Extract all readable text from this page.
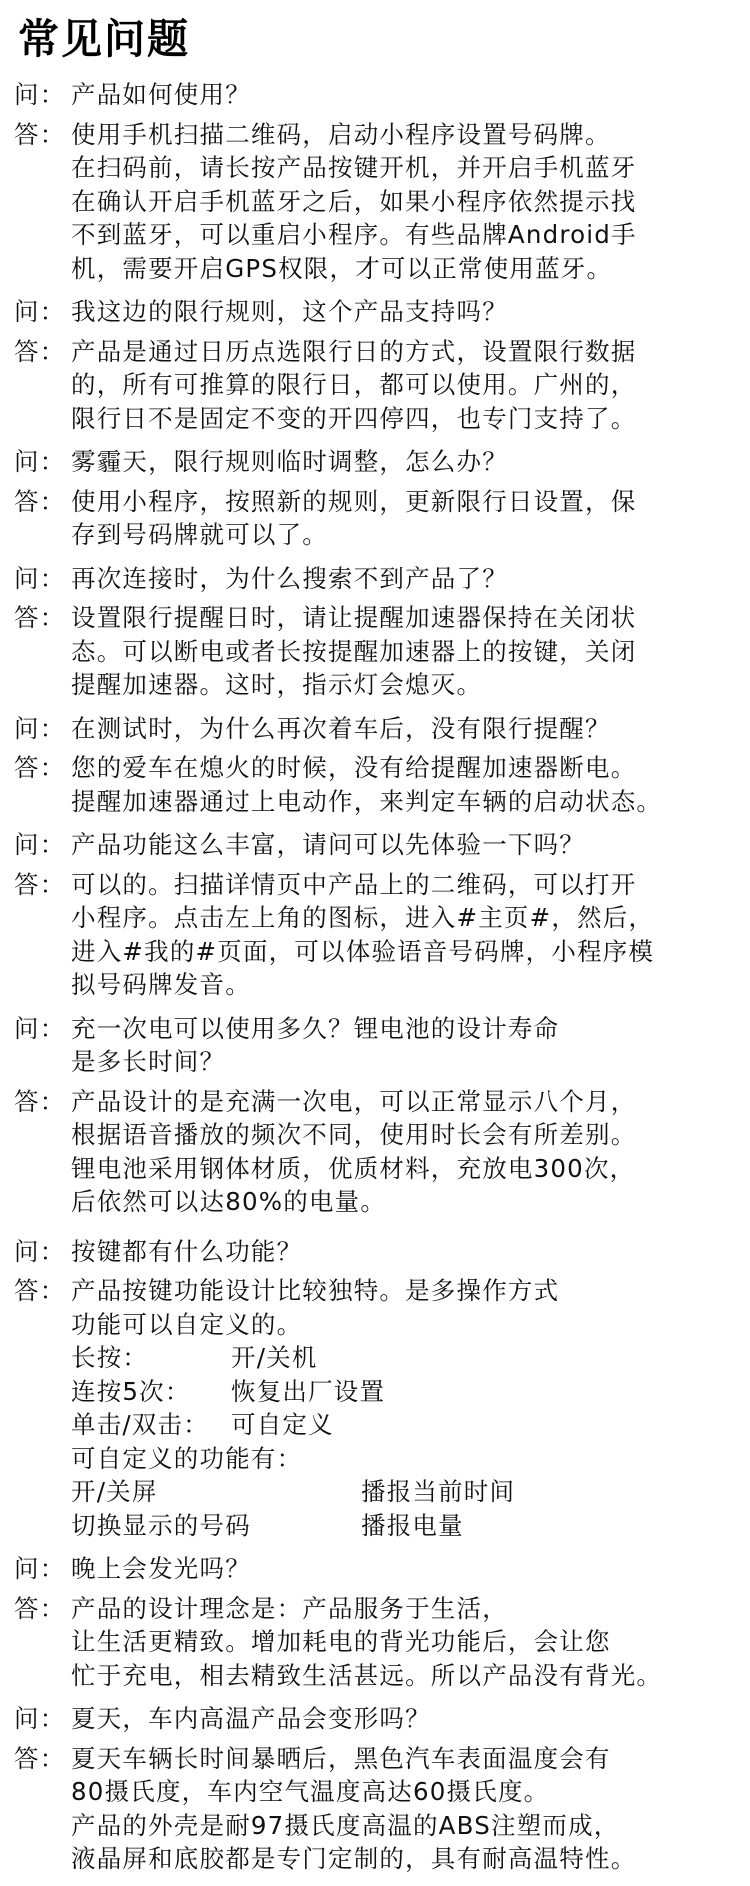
常见问题
问： 产品如何使用？
答： 使用手机扫描二维码，启动小程序设置号码牌。
在扫码前，请长按产品按键开机，并开启手机蓝牙
在确认开启手机蓝牙之后，如果小程序依然提示找
不到蓝牙，可以重启小程序。有些品牌Android手
机，需要开启GPS权限，才可以正常使用蓝牙。
问： 我这边的限行规则，这个产品支持吗？
答： 产品是通过日历点选限行日的方式，设置限行数据
的，所有可推算的限行日，都可以使用。广州的，
限行日不是固定不变的开四停四，也专门支持了。
问： 雾霾天，限行规则临时调整，怎么办？
答： 使用小程序，按照新的规则，更新限行日设置，保
存到号码牌就可以了。
问： 再次连接时，为什么搜索不到产品了？
答： 设置限行提醒日时，请让提醒加速器保持在关闭状
态。可以断电或者长按提醒加速器上的按键，关闭
提醒加速器。这时，指示灯会熄灭。
问： 在测试时，为什么再次着车后，没有限行提醒？
答： 您的爱车在熄火的时候，没有给提醒加速器断电。
提醒加速器通过上电动作，来判定车辆的启动状态。
问： 产品功能这么丰富，请问可以先体验一下吗？
答： 可以的。扫描详情页中产品上的二维码，可以打开
小程序。点击左上角的图标，进入#主页#，然后，
进入#我的#页面，可以体验语音号码牌，小程序模
拟号码牌发音。
问： 充一次电可以使用多久？锂电池的设计寿命
是多长时间？
答： 产品设计的是充满一次电，可以正常显示八个月，
根据语音播放的频次不同，使用时长会有所差别。
锂电池采用钢体材质，优质材料，充放电300次，
后依然可以达80%的电量。
问： 按键都有什么功能？
答： 产品按键功能设计比较独特。是多操作方式
功能可以自定义的。
长按：	开/关机
连按5次： 恢复出厂设置
单击/双击： 可自定义
可自定义的功能有：
开/关屏	播报当前时间
切换显示的号码	播报电量
问： 晚上会发光吗？
答： 产品的设计理念是：产品服务于生活，
让生活更精致。增加耗电的背光功能后，会让您
忙于充电，相去精致生活甚远。所以产品没有背光。
问： 夏天，车内高温产品会变形吗？
答： 夏天车辆长时间暴晒后，黑色汽车表面温度会有
80摄氏度，车内空气温度高达60摄氏度。
产品的外壳是耐97摄氏度高温的ABS注塑而成，
液晶屏和底胶都是专门定制的，具有耐高温特性。
